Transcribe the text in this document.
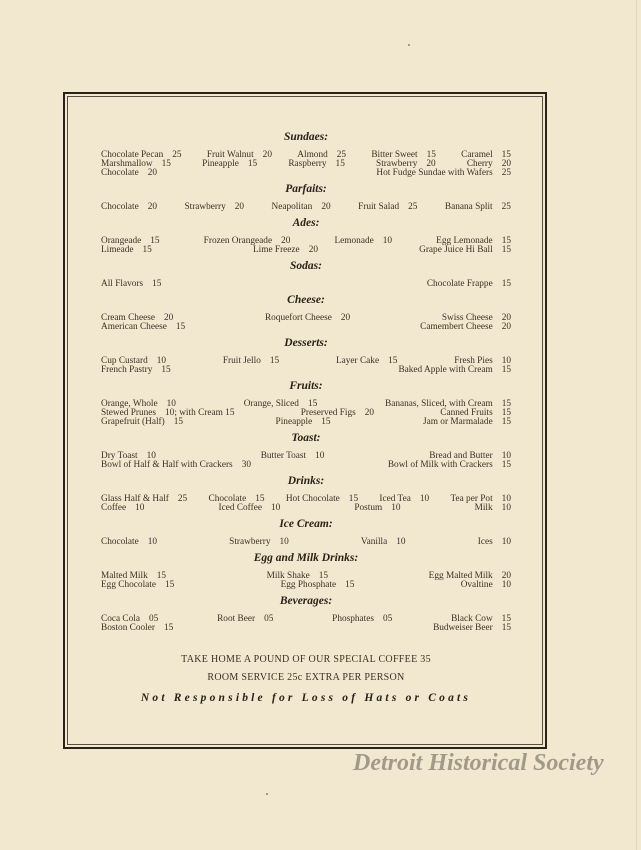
Sundaes:
Chocolate Pecan 25	Fruit Walnut 20	Almond 25	Bitter Sweet 15	Caramel 15
Marshmallow 15	Pineapple 15	Raspberry 15	Strawberry 20	Cherry 20
Chocolate 20	Hot Fudge Sundae with Wafers 25
Parfaits:
Chocolate 20	Strawberry 20	Neapolitan 20	Fruit Salad 25	Banana Split 25
Ades:
Orangeade 15	Frozen Orangeade 20	Lemonade 10	Egg Lemonade 15
Limeade 15	Lime Freeze 20	Grape Juice Hi Ball 15
Sodas:
All Flavors 15	Chocolate Frappe 15
Cheese:
Cream Cheese 20	Roquefort Cheese 20	Swiss Cheese 20
American Cheese 15	Camembert Cheese 20
Desserts:
Cup Custard 10	Fruit Jello 15	Layer Cake 15	Fresh Pies 10
French Pastry 15	Baked Apple with Cream 15
Fruits:
Orange, Whole 10	Orange, Sliced 15	Bananas, Sliced, with Cream 15
Stewed Prunes 10; with Cream 15	Preserved Figs 20	Canned Fruits 15
Grapefruit (Half) 15	Pineapple 15	Jam or Marmalade 15
Toast:
Dry Toast 10	Butter Toast 10	Bread and Butter 10
Bowl of Half & Half with Crackers 30	Bowl of Milk with Crackers 15
Drinks:
Glass Half & Half 25 Chocolate 15 Hot Chocolate 15 Iced Tea 10 Tea per Pot 10
Coffee 10	Iced Coffee 10	Postum 10	Milk 10
Ice Cream:
Chocolate 10	Strawberry 10	Vanilla 10	Ices 10
Egg and Milk Drinks:
Malted Milk 15	Milk Shake 15	Egg Malted Milk 20
Egg Chocolate 15	Egg Phosphate 15	Ovaltine 10
Beverages:
Coca Cola 05	Root Beer 05	Phosphates 05	Black Cow 15
Boston Cooler 15	Budweiser Beer 15
TAKE HOME A POUND OF OUR SPECIAL COFFEE 35
ROOM SERVICE 25c EXTRA PER PERSON
Not Responsible for Loss of Hats or Coats
Detroit Historical Society
